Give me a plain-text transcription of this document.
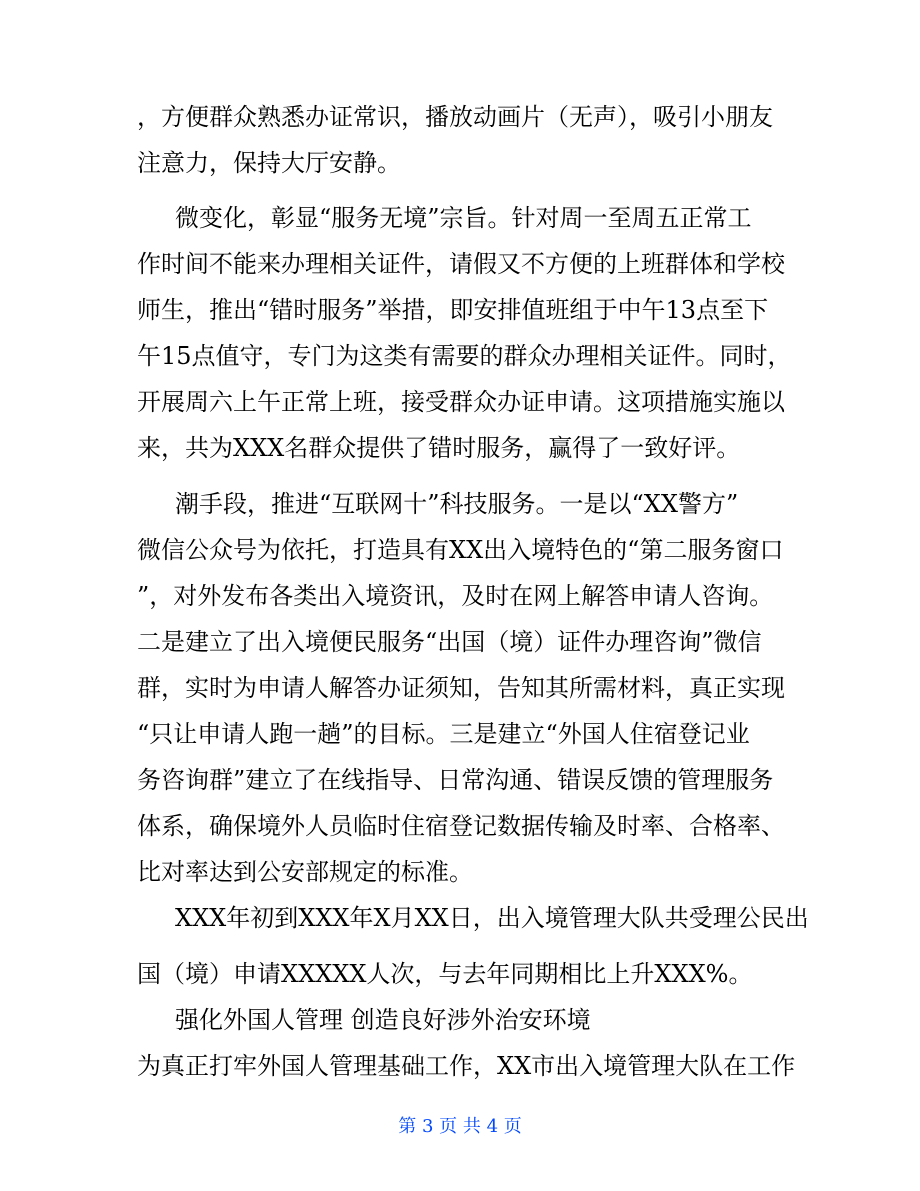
，方便群众熟悉办证常识，播放动画片（无声），吸引小朋友
注意力，保持大厅安静。
微变化，彰显“服务无境”宗旨。针对周一至周五正常工
作时间不能来办理相关证件，请假又不方便的上班群体和学校
师生，推出“错时服务”举措，即安排值班组于中午13点至下
午15点值守，专门为这类有需要的群众办理相关证件。同时，
开展周六上午正常上班，接受群众办证申请。这项措施实施以
来，共为XXX名群众提供了错时服务，赢得了一致好评。
潮手段，推进“互联网十”科技服务。一是以“XX警方”
微信公众号为依托，打造具有XX出入境特色的“第二服务窗口
”，对外发布各类出入境资讯，及时在网上解答申请人咨询。
二是建立了出入境便民服务“出国（境）证件办理咨询”微信
群，实时为申请人解答办证须知，告知其所需材料，真正实现
“只让申请人跑一趟”的目标。三是建立“外国人住宿登记业
务咨询群”建立了在线指导、日常沟通、错误反馈的管理服务
体系，确保境外人员临时住宿登记数据传输及时率、合格率、
比对率达到公安部规定的标准。
XXX年初到XXX年X月XX日，出入境管理大队共受理公民出
国（境）申请XXXXX人次，与去年同期相比上升XXX%。
强化外国人管理 创造良好涉外治安环境
为真正打牢外国人管理基础工作，XX市出入境管理大队在工作
第 3 页 共 4 页
